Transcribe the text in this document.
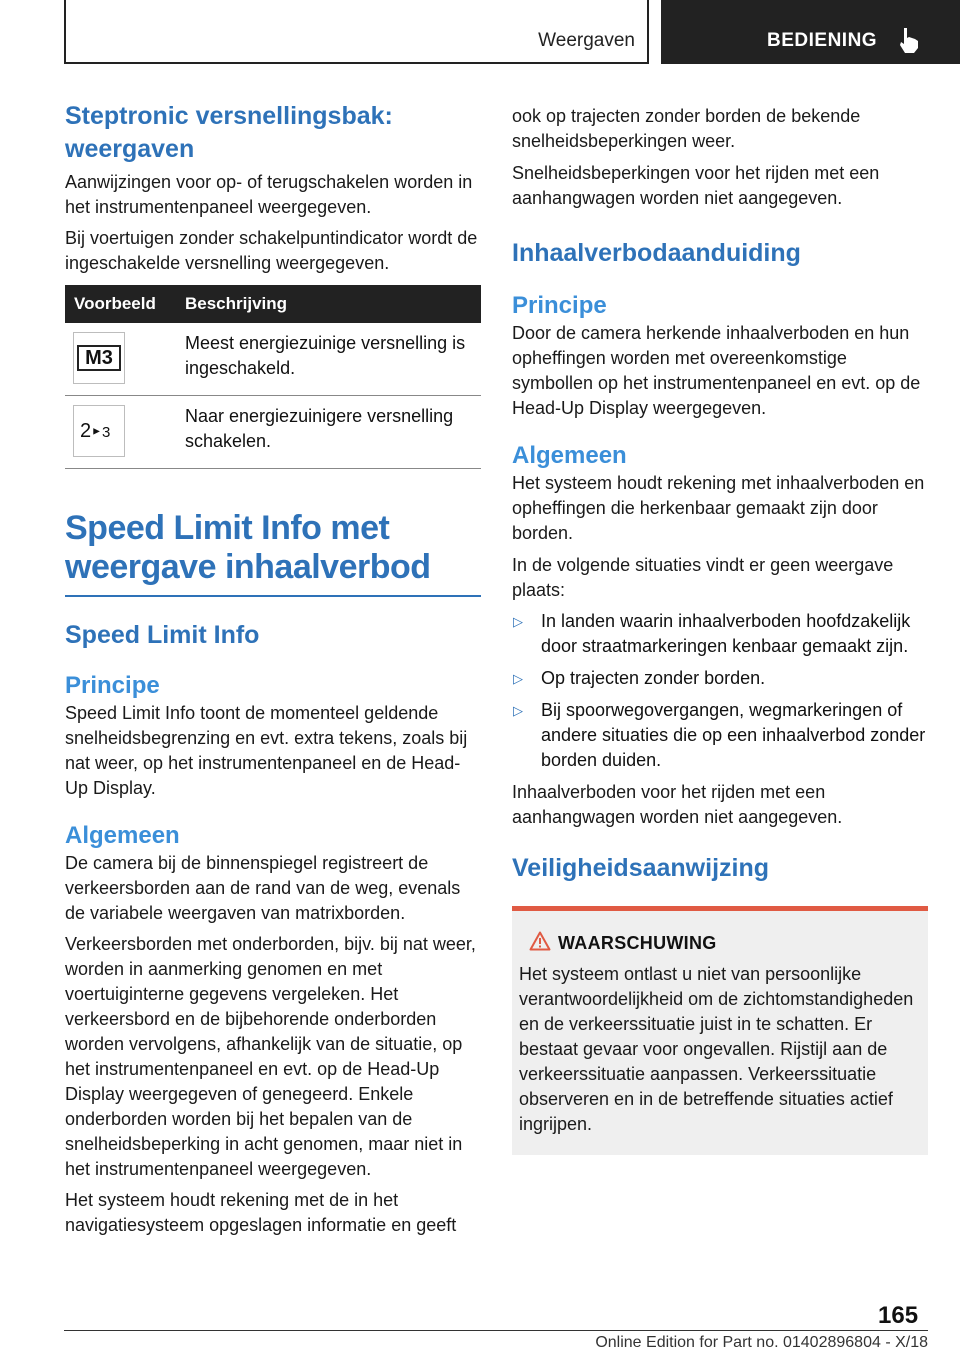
Weergaven	BEDIENING
Steptronic versnellingsbak: weergaven

Aanwijzingen voor op- of terugschakelen worden in het instrumentenpaneel weergegeven.

Bij voertuigen zonder schakelpuntindicator wordt de ingeschakelde versnelling weergegeven.

Voorbeeld	Beschrijving

M3	Meest energiezuinige versnelling is ingeschakeld.

2►3	Naar energiezuinigere versnelling schakelen.
Speed Limit Info met weergave inhaalverbod
Speed Limit Info
Principe

Speed Limit Info toont de momenteel geldende snelheidsbegrenzing en evt. extra tekens, zoals bij nat weer, op het instrumentenpaneel en de Head-Up Display.

Algemeen

De camera bij de binnenspiegel registreert de verkeersborden aan de rand van de weg, evenals de variabele weergaven van matrixborden.

Verkeersborden met onderborden, bijv. bij nat weer, worden in aanmerking genomen en met voertuiginterne gegevens vergeleken. Het verkeersbord en de bijbehorende onderborden worden vervolgens, afhankelijk van de situatie, op het instrumentenpaneel en evt. op de Head-Up Display weergegeven of genegeerd. Enkele onderborden worden bij het bepalen van de snelheidsbeperking in acht genomen, maar niet in het instrumentenpaneel weergegeven.

Het systeem houdt rekening met de in het navigatiesysteem opgeslagen informatie en geeft

ook op trajecten zonder borden de bekende snelheidsbeperkingen weer.

Snelheidsbeperkingen voor het rijden met een aanhangwagen worden niet aangegeven.

Inhaalverbodaanduiding
Principe

Door de camera herkende inhaalverboden en hun opheffingen worden met overeenkomstige symbollen op het instrumentenpaneel en evt. op de Head-Up Display weergegeven.

Algemeen

Het systeem houdt rekening met inhaalverboden en opheffingen die herkenbaar gemaakt zijn door borden.

In de volgende situaties vindt er geen weergave plaats:

▷ In landen waarin inhaalverboden hoofdzakelijk door straatmarkeringen kenbaar gemaakt zijn.
▷ Op trajecten zonder borden.
▷ Bij spoorwegovergangen, wegmarkeringen of andere situaties die op een inhaalverbod zonder borden duiden.

Inhaalverboden voor het rijden met een aanhangwagen worden niet aangegeven.

Veiligheidsaanwijzing
WAARSCHUWING

Het systeem ontlast u niet van persoonlijke verantwoordelijkheid om de zichtomstandigheden en de verkeerssituatie juist in te schatten. Er bestaat gevaar voor ongevallen. Rijstijl aan de verkeerssituatie aanpassen. Verkeerssituatie observeren en in de betreffende situaties actief ingrijpen.

165
Online Edition for Part no. 01402896804 - X/18
